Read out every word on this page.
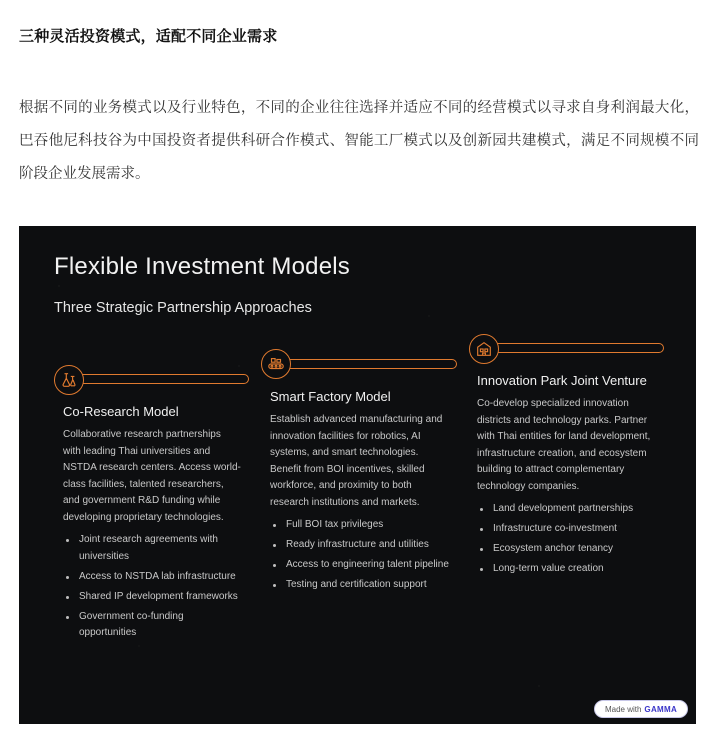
三种灵活投资模式，适配不同企业需求
根据不同的业务模式以及行业特色，不同的企业往往选择并适应不同的经营模式以寻求自身利润最大化，巴吞他尼科技谷为中国投资者提供科研合作模式、智能工厂模式以及创新园共建模式，满足不同规模不同阶段企业发展需求。
Flexible Investment Models
Three Strategic Partnership Approaches
Co-Research Model
Collaborative research partnerships with leading Thai universities and NSTDA research centers. Access world-class facilities, talented researchers, and government R&D funding while developing proprietary technologies.
Joint research agreements with universities
Access to NSTDA lab infrastructure
Shared IP development frameworks
Government co-funding opportunities
Smart Factory Model
Establish advanced manufacturing and innovation facilities for robotics, AI systems, and smart technologies. Benefit from BOI incentives, skilled workforce, and proximity to both research institutions and markets.
Full BOI tax privileges
Ready infrastructure and utilities
Access to engineering talent pipeline
Testing and certification support
Innovation Park Joint Venture
Co-develop specialized innovation districts and technology parks. Partner with Thai entities for land development, infrastructure creation, and ecosystem building to attract complementary technology companies.
Land development partnerships
Infrastructure co-investment
Ecosystem anchor tenancy
Long-term value creation
Made with GAMMA
